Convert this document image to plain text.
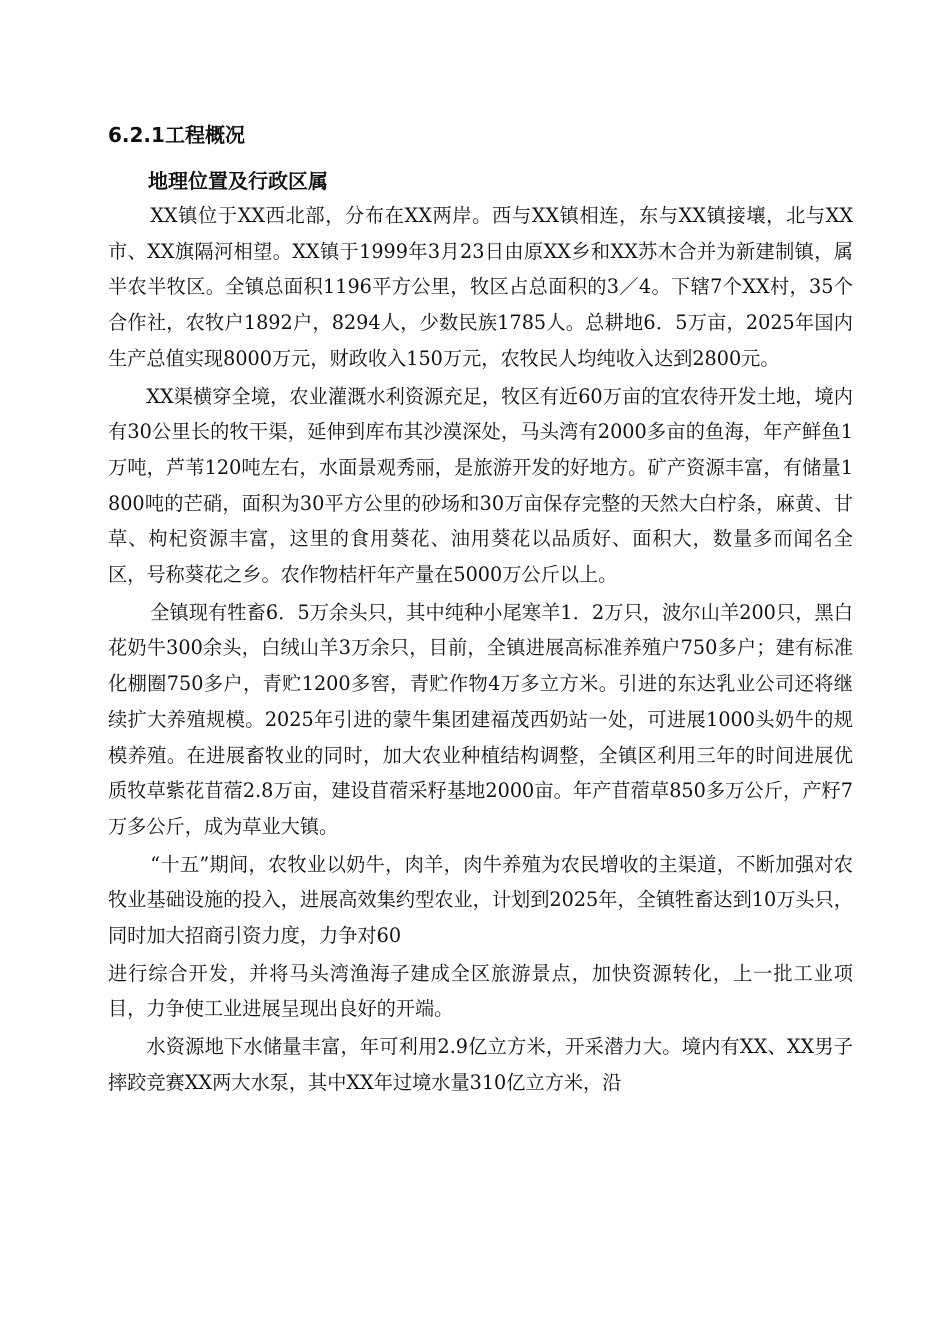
6.2.1工程概况
地理位置及行政区属

XX镇位于XX西北部，分布在XX两岸。西与XX镇相连，东与XX镇接壤，北与XX市、XX旗隔河相望。XX镇于1999年3月23日由原XX乡和XX苏木合并为新建制镇，属半农半牧区。全镇总面积1196平方公里，牧区占总面积的3／4。下辖7个XX村，35个合作社，农牧户1892户，8294人，少数民族1785人。总耕地6．5万亩，2025年国内生产总值实现8000万元，财政收入150万元，农牧民人均纯收入达到2800元。

XX渠横穿全境，农业灌溉水利资源充足，牧区有近60万亩的宜农待开发土地，境内有30公里长的牧干渠，延伸到库布其沙漠深处，马头湾有2000多亩的鱼海，年产鲜鱼1万吨，芦苇120吨左右，水面景观秀丽，是旅游开发的好地方。矿产资源丰富，有储量1800吨的芒硝，面积为30平方公里的砂场和30万亩保存完整的天然大白柠条，麻黄、甘草、枸杞资源丰富，这里的食用葵花、油用葵花以品质好、面积大，数量多而闻名全区，号称葵花之乡。农作物桔杆年产量在5000万公斤以上。

全镇现有牲畜6．5万余头只，其中纯种小尾寒羊1．2万只，波尔山羊200只，黑白花奶牛300余头，白绒山羊3万余只，目前，全镇进展高标准养殖户750多户；建有标准化棚圈750多户，青贮1200多窖，青贮作物4万多立方米。引进的东达乳业公司还将继续扩大养殖规模。2025年引进的蒙牛集团建福茂西奶站一处，可进展1000头奶牛的规模养殖。在进展畜牧业的同时，加大农业种植结构调整，全镇区利用三年的时间进展优质牧草紫花苜蓿2.8万亩，建设苜蓿采籽基地2000亩。年产苜蓿草850多万公斤，产籽7万多公斤，成为草业大镇。

“十五”期间，农牧业以奶牛，肉羊，肉牛养殖为农民增收的主渠道，不断加强对农牧业基础设施的投入，进展高效集约型农业，计划到2025年，全镇牲畜达到10万头只，同时加大招商引资力度，力争对60

进行综合开发，并将马头湾渔海子建成全区旅游景点，加快资源转化，上一批工业项目，力争使工业进展呈现出良好的开端。

水资源地下水储量丰富，年可利用2.9亿立方米，开采潜力大。境内有XX、XX男子摔跤竞赛XX两大水泵，其中XX年过境水量310亿立方米，沿
